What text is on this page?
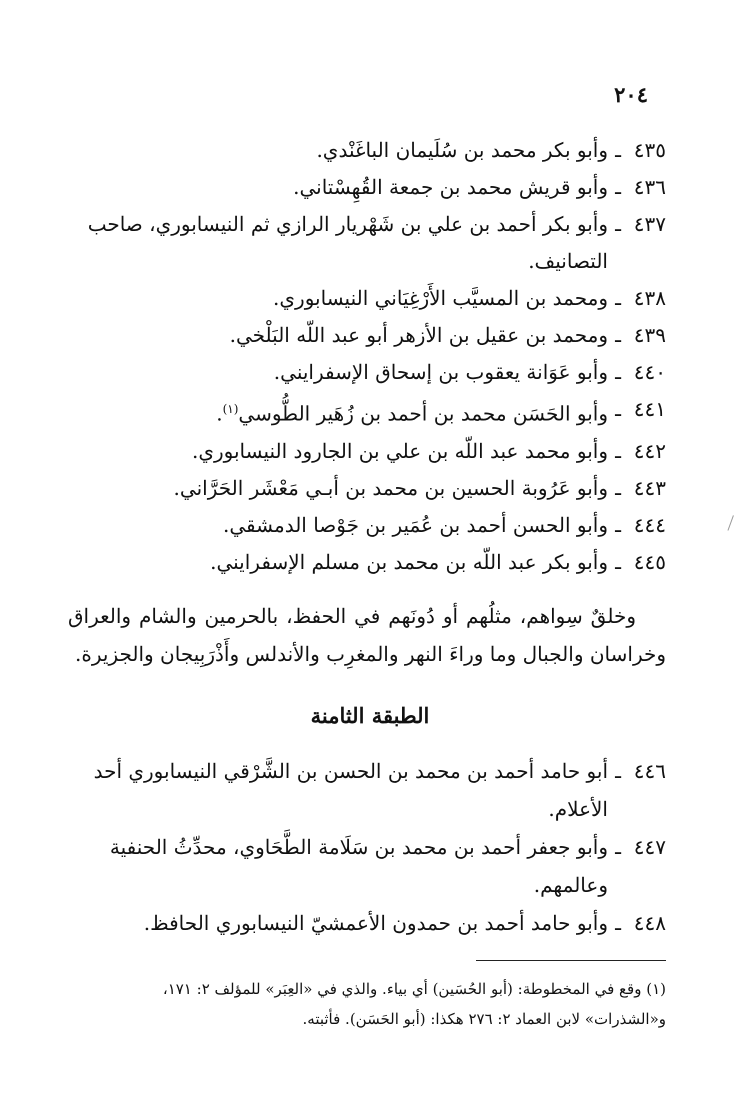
٢٠٤
٤٣٥
ـ
وأبو بكر محمد بن سُلَيمان الباغَنْدي.
٤٣٦
ـ
وأبو قريش محمد بن جمعة القُهِسْتاني.
٤٣٧
ـ
وأبو بكر أحمد بن علي بن شَهْريار الرازي ثم النيسابوري، صاحب
التصانيف.
٤٣٨
ـ
ومحمد بن المسيَّب الأَرْغِيَاني النيسابوري.
٤٣٩
ـ
ومحمد بن عقيل بن الأزهر أبو عبد اللّه البَلْخي.
٤٤٠
ـ
وأبو عَوَانة يعقوب بن إسحاق الإسفرايني.
٤٤١
ـ
وأبو الحَسَن محمد بن أحمد بن زُهَير الطُّوسي$^{(١)}$.
٤٤٢
ـ
وأبو محمد عبد اللّه بن علي بن الجارود النيسابوري.
٤٤٣
ـ
وأبو عَرُوبة الحسين بن محمد بن أبـي مَعْشَر الحَرَّاني.
٤٤٤
ـ
وأبو الحسن أحمد بن عُمَير بن جَوْصا الدمشقي.
٤٤٥
ـ
وأبو بكر عبد اللّه بن محمد بن مسلم الإسفرايني.
وخلقٌ سِواهم، مثلُهم أو دُونَهم في الحفظ، بالحرمين والشام والعراق وخراسان والجبال وما وراءَ النهر والمغرِب والأندلس وأَذْرَبِيجان والجزيرة.
الطبقة الثامنة
٤٤٦
ـ
أبو حامد أحمد بن محمد بن الحسن بن الشَّرْقي النيسابوري أحد
الأعلام.
٤٤٧
ـ
وأبو جعفر أحمد بن محمد بن سَلَامة الطَّحَاوي، محدِّثُ الحنفية
وعالمهم.
٤٤٨
ـ
وأبو حامد أحمد بن حمدون الأعمشيّ النيسابوري الحافظ.
(١) وقع في المخطوطة: (أبو الحُسَين) أي بياء. والذي في «العِبَر» للمؤلف ٢: ١٧١،
و«الشذرات» لابن العماد ٢: ٢٧٦ هكذا: (أبو الحَسَن). فأثبته.
